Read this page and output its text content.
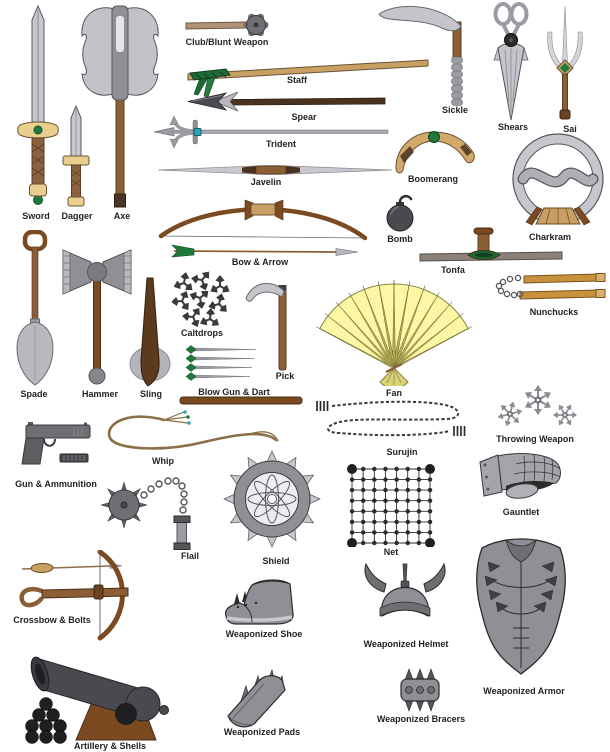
Sword Dagger Axe
Club/Blunt Weapon
Staff
Spear
Trident
Javelin
Sickle
Shears	Sai
Boomerang
Charkram
Bomb
Tonfa
Nunchucks
Bow & Arrow
Spade	Hammer Sling
Caltdrops
Pick
Blow Gun & Dart	Fan
Gun & Ammunition
Whip
Surujin
Throwing Weapon
Gauntlet
Flail	Shield
Net
Crossbow & Bolts
Weaponized Shoe
Weaponized Helmet
Weaponized Armor
Artillery & Shells
Weaponized Pads
Weaponized Bracers
